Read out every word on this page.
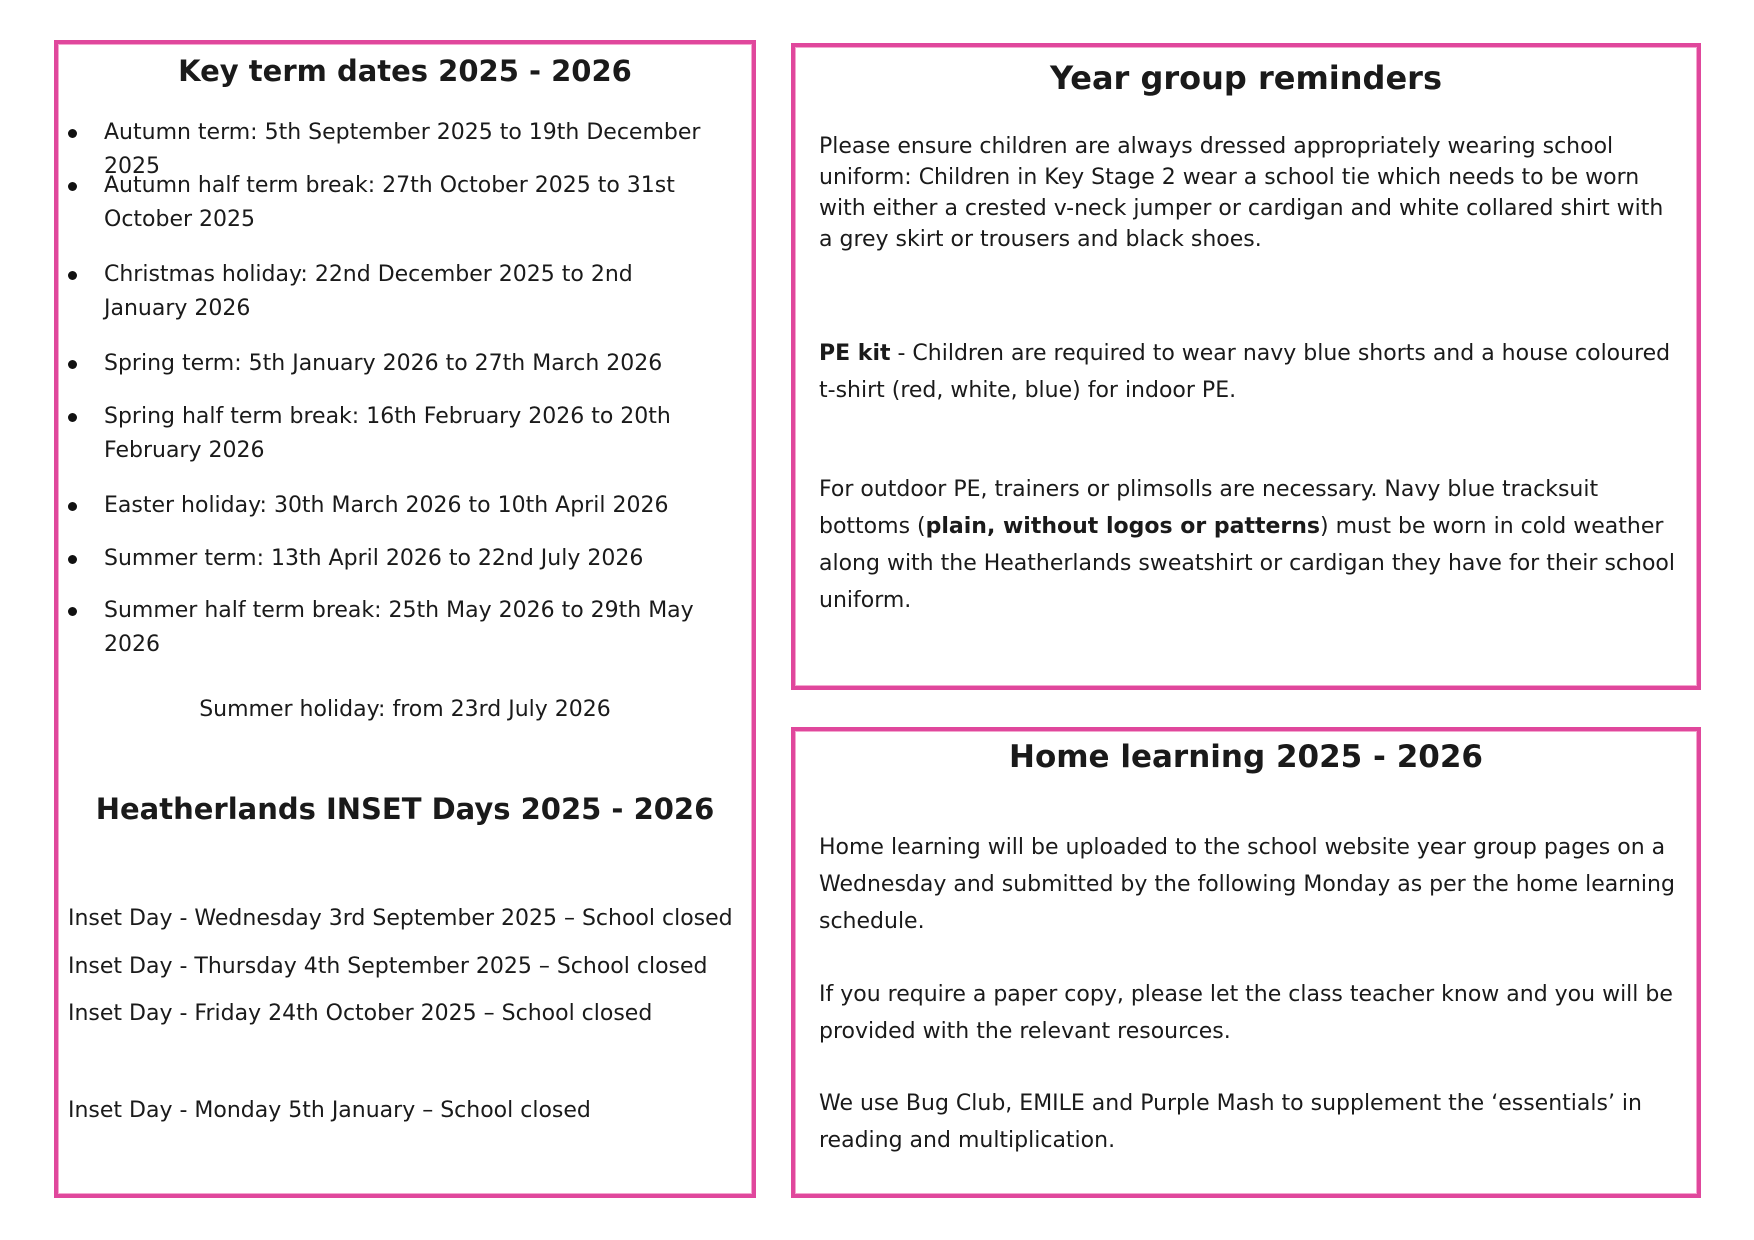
Key term dates 2025 - 2026
Autumn term: 5th September 2025 to 19th December 2025
Autumn half term break: 27th October 2025 to 31st October 2025
Christmas holiday: 22nd December 2025 to 2nd January 2026
Spring term: 5th January 2026 to 27th March 2026
Spring half term break: 16th February 2026 to 20th February 2026
Easter holiday: 30th March 2026 to 10th April 2026
Summer term: 13th April 2026 to 22nd July 2026
Summer half term break: 25th May 2026 to 29th May 2026

Summer holiday: from 23rd July 2026

Heatherlands INSET Days 2025 - 2026
Inset Day - Wednesday 3rd September 2025 – School closed
Inset Day - Thursday 4th September 2025 – School closed
Inset Day - Friday 24th October 2025 – School closed
Inset Day - Monday 5th January – School closed
Year group reminders

Please ensure children are always dressed appropriately wearing school uniform: Children in Key Stage 2 wear a school tie which needs to be worn with either a crested v-neck jumper or cardigan and white collared shirt with a grey skirt or trousers and black shoes.

PE kit - Children are required to wear navy blue shorts and a house coloured t-shirt (red, white, blue) for indoor PE.

For outdoor PE, trainers or plimsolls are necessary. Navy blue tracksuit bottoms (plain, without logos or patterns) must be worn in cold weather along with the Heatherlands sweatshirt or cardigan they have for their school uniform.

Home learning 2025 - 2026

Home learning will be uploaded to the school website year group pages on a Wednesday and submitted by the following Monday as per the home learning schedule.

If you require a paper copy, please let the class teacher know and you will be provided with the relevant resources.

We use Bug Club, EMILE and Purple Mash to supplement the ‘essentials’ in reading and multiplication.
